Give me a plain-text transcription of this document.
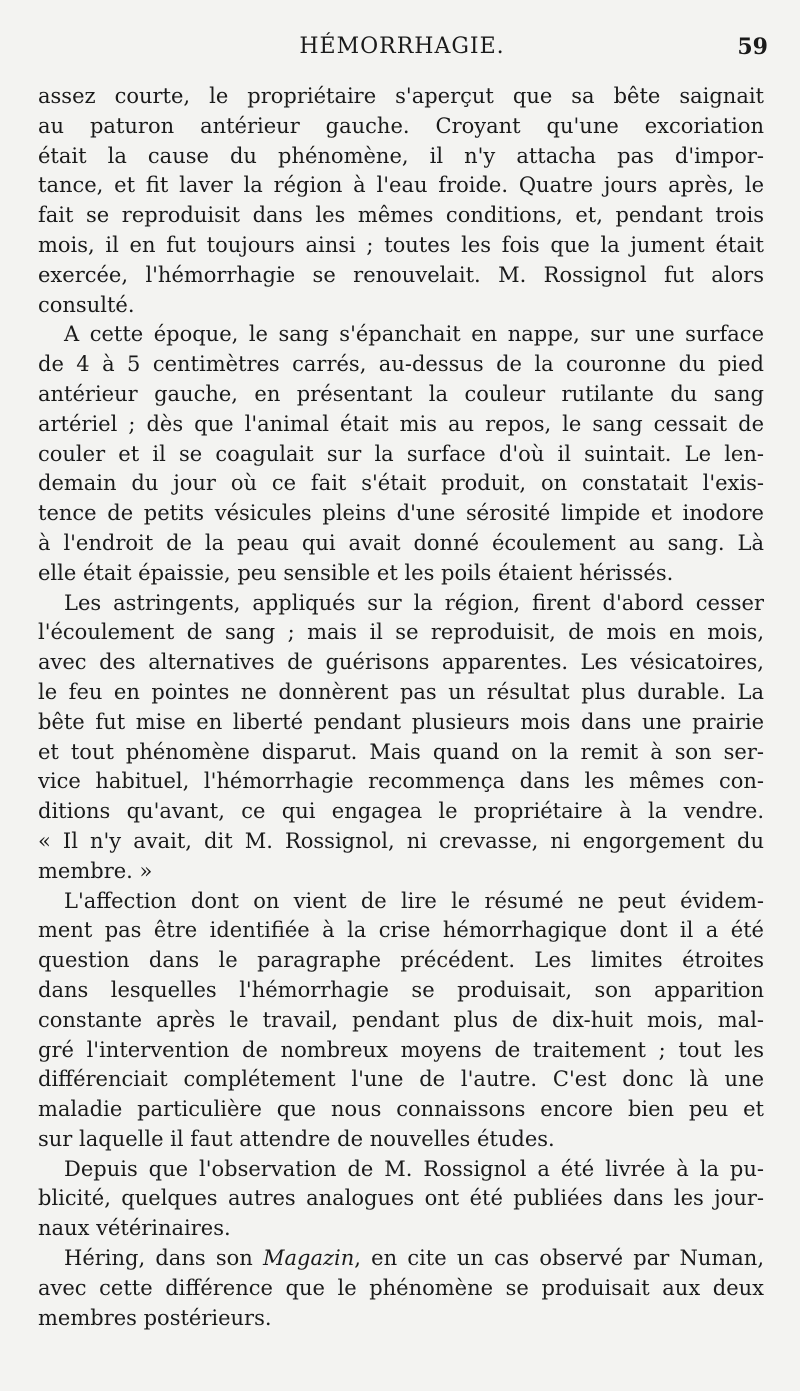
HÉMORRHAGIE.	59
assez courte, le propriétaire s'aperçut que sa bête saignait
au paturon antérieur gauche. Croyant qu'une excoriation
était la cause du phénomène, il n'y attacha pas d'impor-
tance, et fit laver la région à l'eau froide. Quatre jours après, le
fait se reproduisit dans les mêmes conditions, et, pendant trois
mois, il en fut toujours ainsi ; toutes les fois que la jument était
exercée, l'hémorrhagie se renouvelait. M. Rossignol fut alors
consulté.
A cette époque, le sang s'épanchait en nappe, sur une surface
de 4 à 5 centimètres carrés, au-dessus de la couronne du pied
antérieur gauche, en présentant la couleur rutilante du sang
artériel ; dès que l'animal était mis au repos, le sang cessait de
couler et il se coagulait sur la surface d'où il suintait. Le len-
demain du jour où ce fait s'était produit, on constatait l'exis-
tence de petits vésicules pleins d'une sérosité limpide et inodore
à l'endroit de la peau qui avait donné écoulement au sang. Là
elle était épaissie, peu sensible et les poils étaient hérissés.
Les astringents, appliqués sur la région, firent d'abord cesser
l'écoulement de sang ; mais il se reproduisit, de mois en mois,
avec des alternatives de guérisons apparentes. Les vésicatoires,
le feu en pointes ne donnèrent pas un résultat plus durable. La
bête fut mise en liberté pendant plusieurs mois dans une prairie
et tout phénomène disparut. Mais quand on la remit à son ser-
vice habituel, l'hémorrhagie recommença dans les mêmes con-
ditions qu'avant, ce qui engagea le propriétaire à la vendre.
« Il n'y avait, dit M. Rossignol, ni crevasse, ni engorgement du
membre. »
L'affection dont on vient de lire le résumé ne peut évidem-
ment pas être identifiée à la crise hémorrhagique dont il a été
question dans le paragraphe précédent. Les limites étroites
dans lesquelles l'hémorrhagie se produisait, son apparition
constante après le travail, pendant plus de dix-huit mois, mal-
gré l'intervention de nombreux moyens de traitement ; tout les
différenciait complétement l'une de l'autre. C'est donc là une
maladie particulière que nous connaissons encore bien peu et
sur laquelle il faut attendre de nouvelles études.
Depuis que l'observation de M. Rossignol a été livrée à la pu-
blicité, quelques autres analogues ont été publiées dans les jour-
naux vétérinaires.
Héring, dans son Magazin, en cite un cas observé par Numan,
avec cette différence que le phénomène se produisait aux deux
membres postérieurs.
